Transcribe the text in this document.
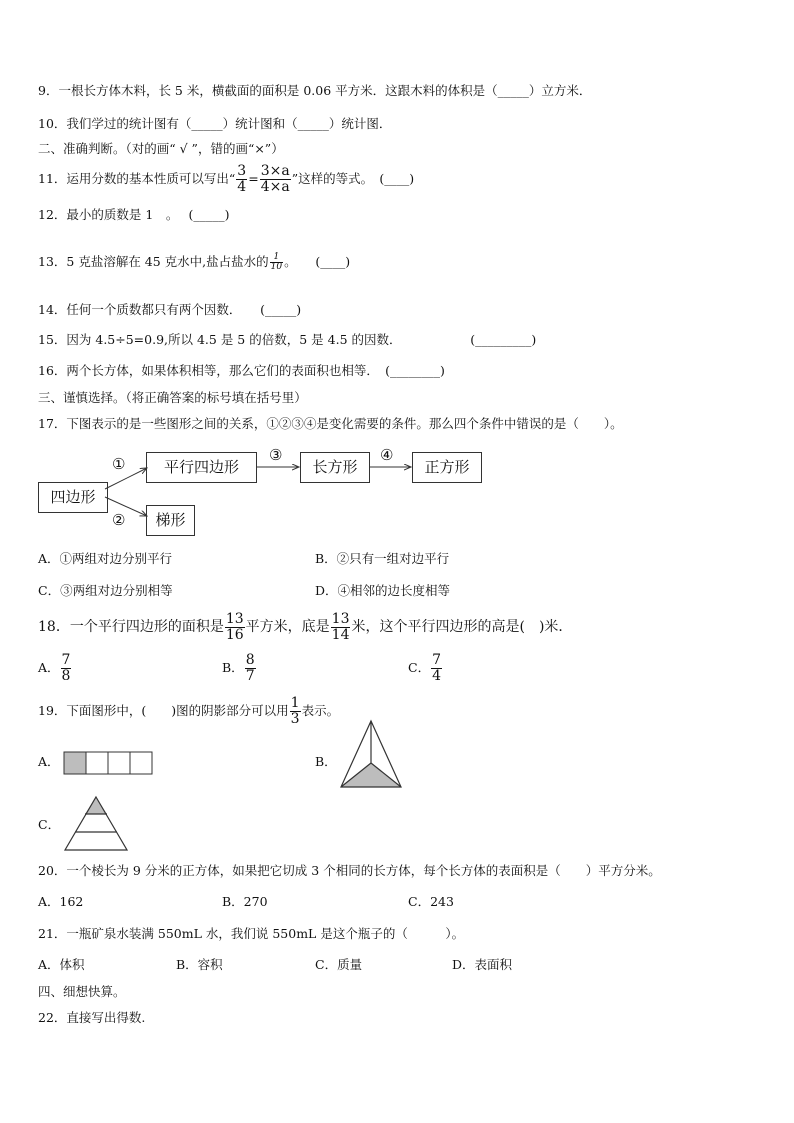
9．一根长方体木料，长 5 米，横截面的面积是 0.06 平方米．这跟木料的体积是（_____）立方米．
10．我们学过的统计图有（_____）统计图和（_____）统计图．
二、准确判断。（对的画“ √ ”，错的画“×”）
11．运用分数的基本性质可以写出“ $\frac{3}{4} = \frac{3\times a}{4\times a}$ ”这样的等式。　(____)
12．最小的质数是 1　。　 (_____)
13．5 克盐溶解在 45 克水中,盐占盐水的 $\frac{1}{10}$ 。　　(____)
14．任何一个质数都只有两个因数．　　(_____)
15．因为 4.5÷5=0.9,所以 4.5 是 5 的倍数，5 是 4.5 的因数．　　　　　　(_________)
16．两个长方体，如果体积相等，那么它们的表面积也相等．　(________)
三、谨慎选择。（将正确答案的标号填在括号里）
17．下图表示的是一些图形之间的关系，①②③④是变化需要的条件。那么四个条件中错误的是（　　）。
四边形
平行四边形	长方形	正方形
梯形
①
②
③	④
A．①两组对边分别平行	B．②只有一组对边平行
C．③两组对边分别相等	D．④相邻的边长度相等
18．一个平行四边形的面积是 $\frac{13}{16}$ 平方米，底是 $\frac{13}{14}$ 米，这个平行四边形的高是(　)米．
A． $\frac{7}{8}$	B． $\frac{8}{7}$	C． $\frac{7}{4}$
19．下面图形中，(　　)图的阴影部分可以用 $\frac{1}{3}$ 表示。
A．	B．
C．
20．一个棱长为 9 分米的正方体，如果把它切成 3 个相同的长方体，每个长方体的表面积是（　　）平方分米。
A．162	B．270	C．243
21．一瓶矿泉水装满 550mL 水，我们说 550mL 是这个瓶子的（　　　）。
A．体积	B．容积	C．质量	D．表面积
四、细想快算。
22．直接写出得数.
